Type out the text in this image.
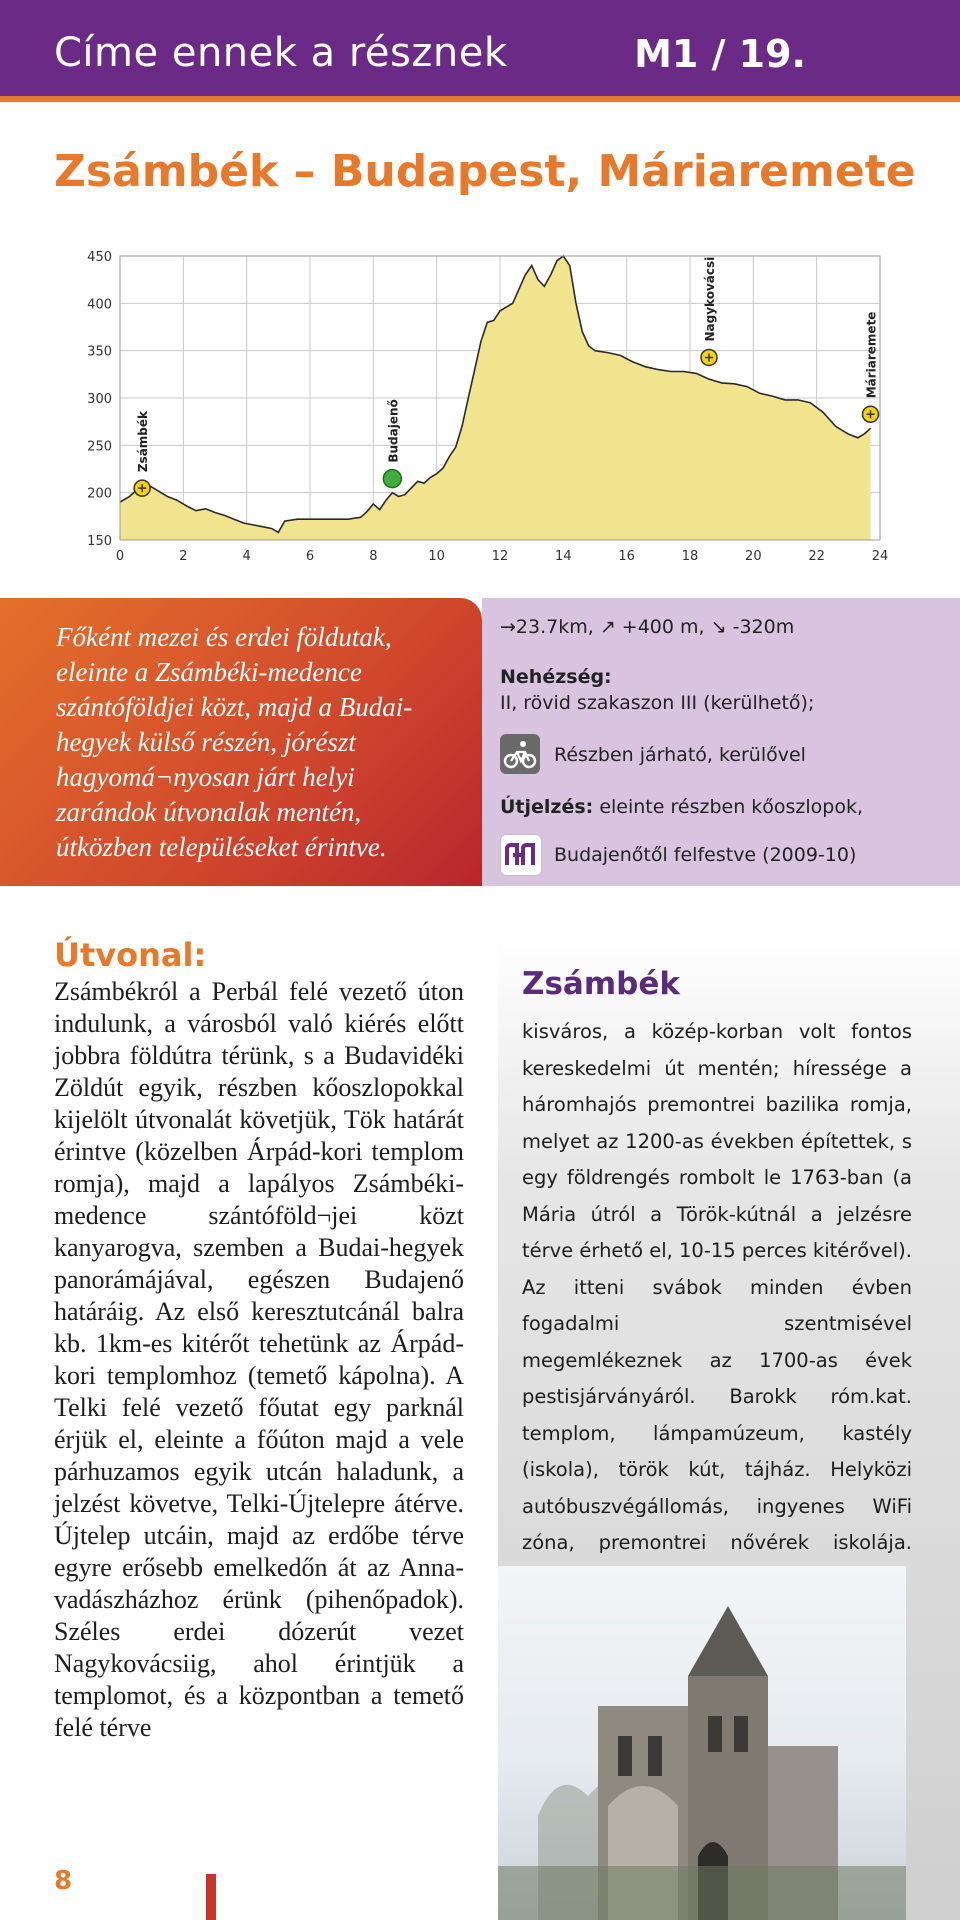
Címe ennek a résznek	M1 / 19.
Zsámbék – Budapest, Máriaremete
450
400
350
300
250
200
150
0	2	4	6	8	10	12	14	16	18	20	22	24
Zsámbék	Budajenő
Nagykovácsi
Máriaremete
Főként mezei és erdei földutak, eleinte a Zsámbéki-medence szántóföldjei közt, majd a Budai-hegyek külső részén, jórészt hagyomá¬nyosan járt helyi zarándok útvonalak mentén, útközben településeket érintve.
→23.7km, ↗ +400 m, ↘ -320m
Nehézség:
II, rövid szakaszon III (kerülhető);
Részben járható, kerülővel
Útjelzés: eleinte részben kőoszlopok,
Budajenőtől felfestve (2009-10)
Útvonal:
Zsámbékról a Perbál felé vezető úton indulunk, a városból való kiérés előtt jobbra földútra térünk, s a Budavidéki Zöldút egyik, részben kőoszlopokkal kijelölt útvonalát követjük, Tök határát érintve (közelben Árpád-kori templom romja), majd a lapályos Zsámbéki-medence szántóföld¬jei közt kanyarogva, szemben a Budai-hegyek panorámájával, egészen Budajenő határáig. Az első keresztutcánál balra kb. 1km-es kitérőt tehetünk az Árpád-kori templomhoz (temető kápolna). A Telki felé vezető főutat egy parknál érjük el, eleinte a főúton majd a vele párhuzamos egyik utcán haladunk, a jelzést követve, Telki-Újtelepre átérve. Újtelep utcáin, majd az erdőbe térve egyre erősebb emelkedőn át az Anna-vadászházhoz érünk (pihenőpadok). Széles erdei dózerút vezet Nagykovácsiig, ahol érintjük a templomot, és a központban a temető felé térve
Zsámbék
kisváros, a közép-korban volt fontos kereskedelmi út mentén; híressége a háromhajós premontrei bazilika romja, melyet az 1200-as években építettek, s egy földrengés rombolt le 1763-ban (a Mária útról a Török-kútnál a jelzésre térve érhető el, 10-15 perces kitérővel). Az itteni svábok minden évben fogadalmi szentmisével megemlékeznek az 1700-as évek pestisjárványáról. Barokk róm.kat. templom, lámpamúzeum, kastély (iskola), török kút, tájház. Helyközi autóbuszvégállomás, ingyenes WiFi zóna, premontrei nővérek iskolája.
8
